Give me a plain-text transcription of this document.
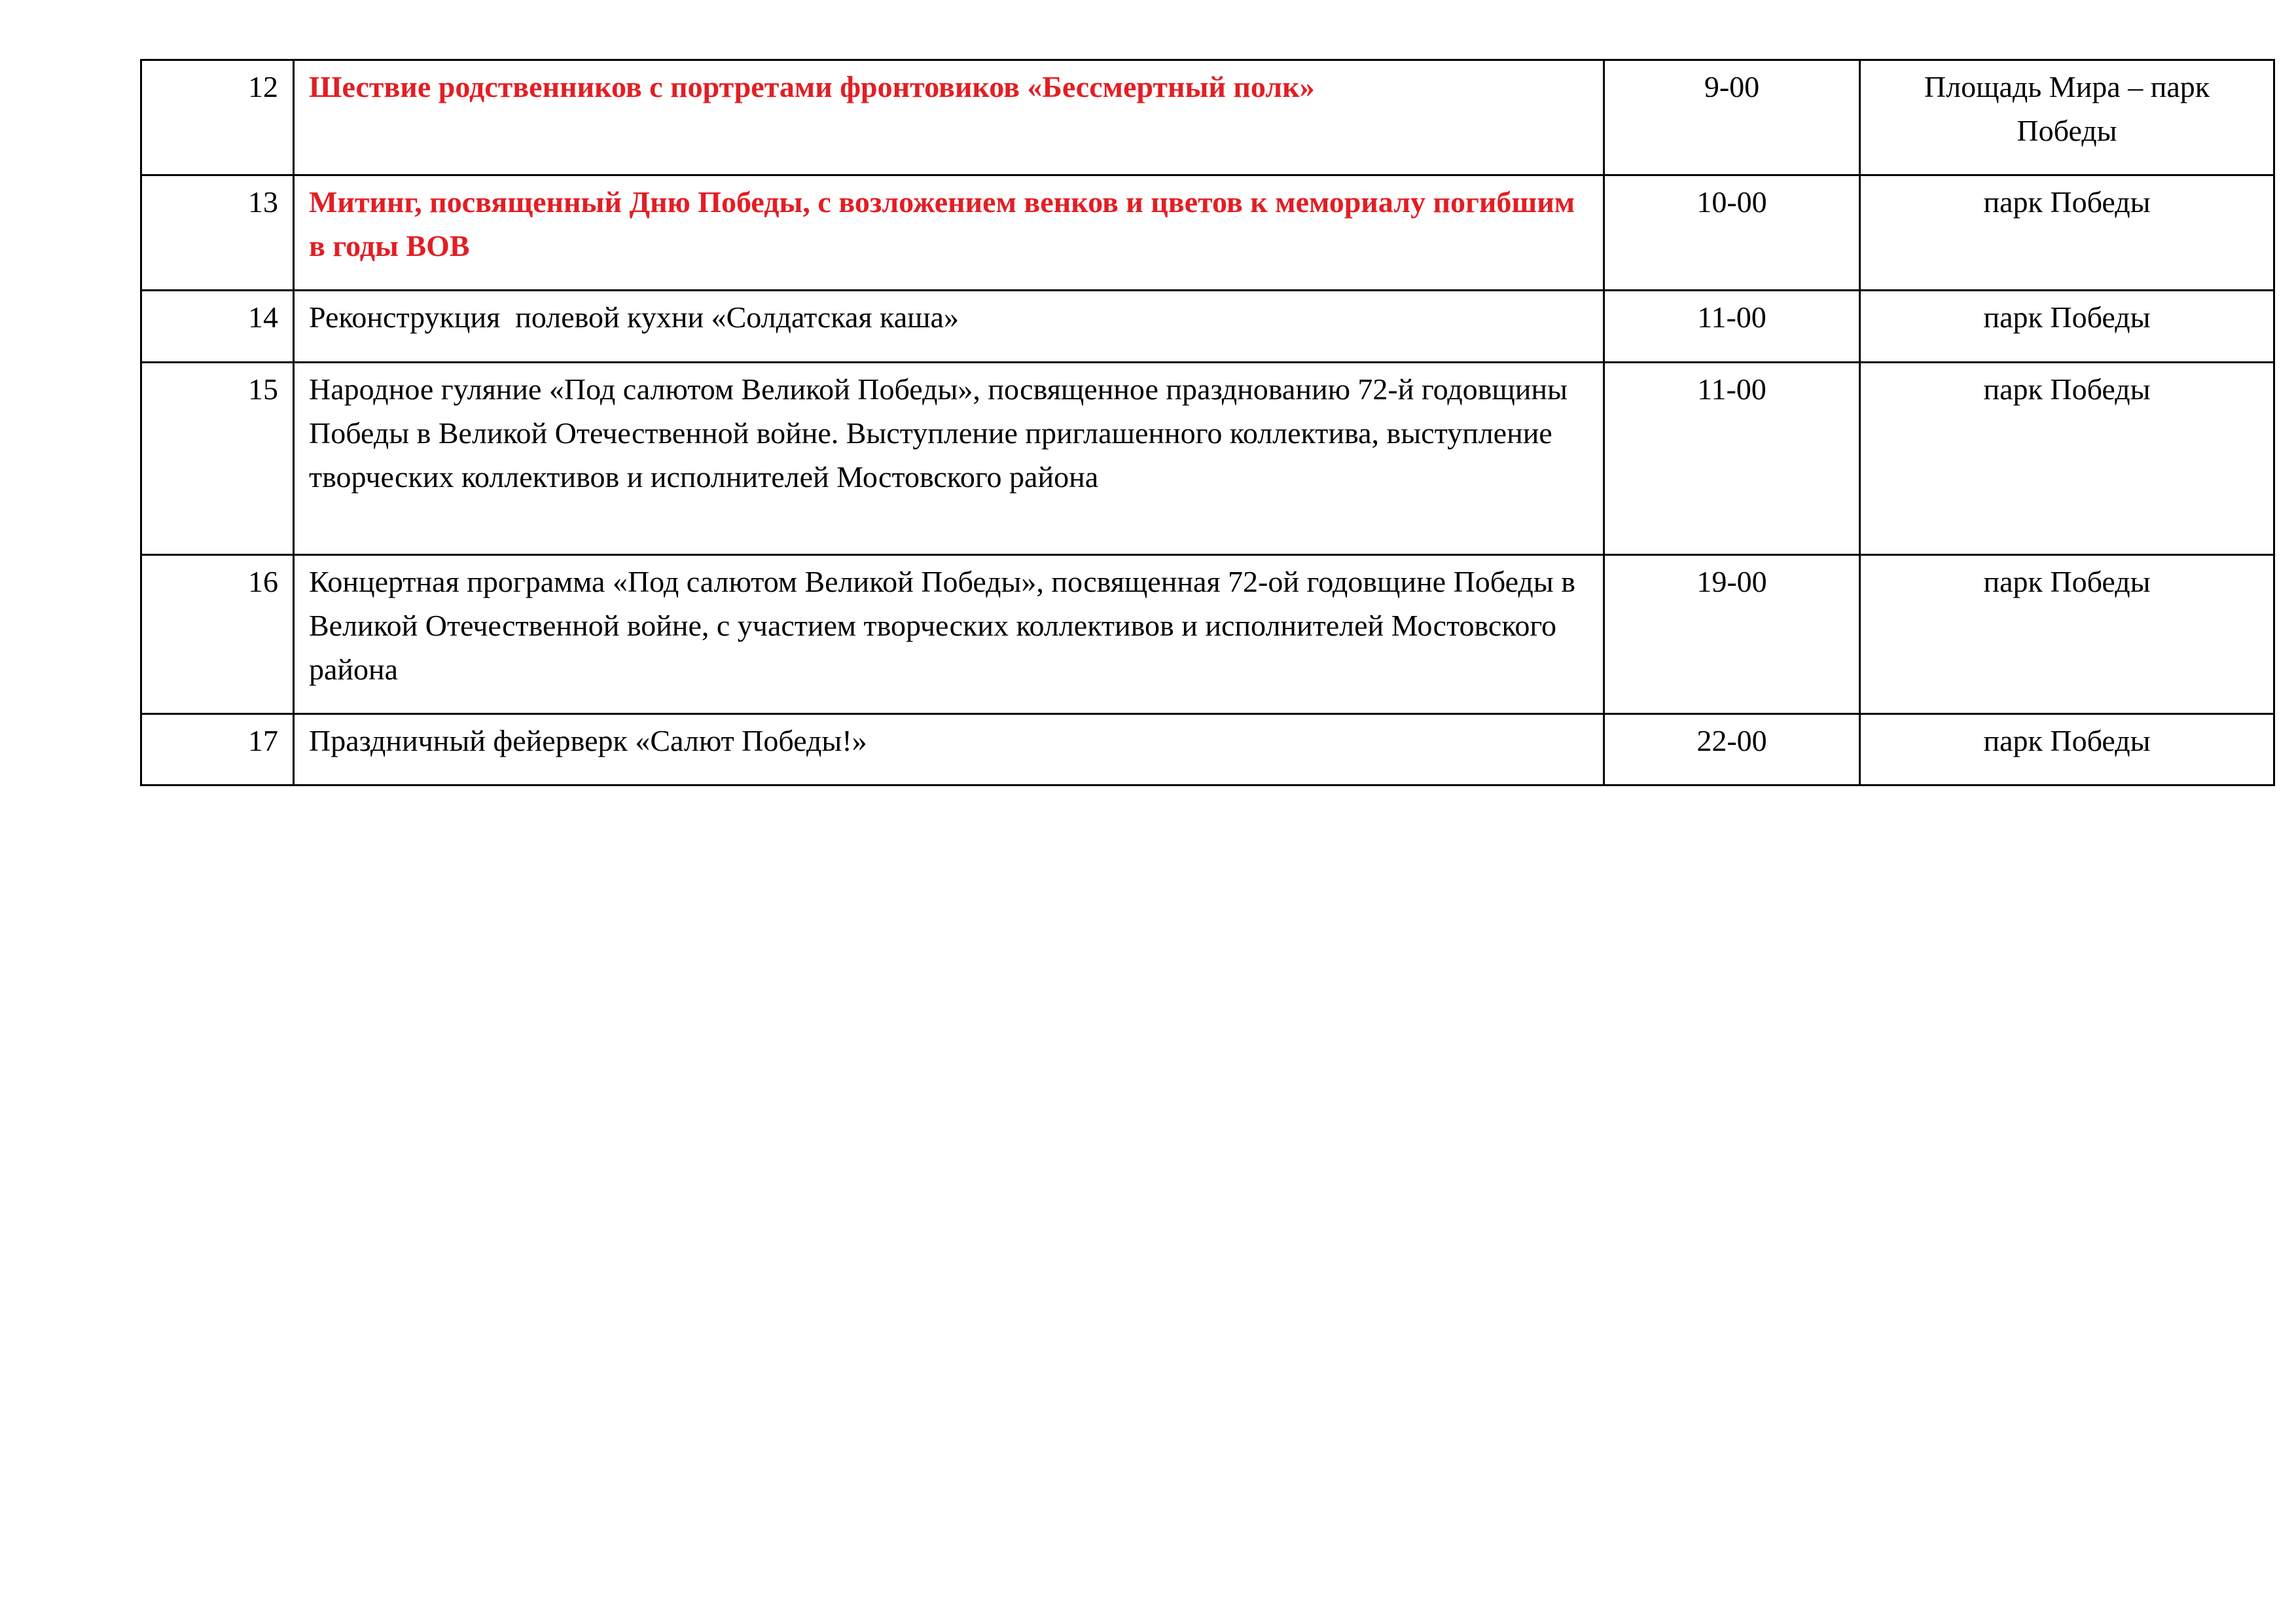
12	Шествие родственников с портретами фронтовиков «Бессмертный полк»	9-00	Площадь Мира – парк Победы
13	Митинг, посвященный Дню Победы, с возложением венков и цветов к мемориалу погибшим в годы ВОВ	10-00	парк Победы
14	Реконструкция  полевой кухни «Солдатская каша»	11-00	парк Победы
15	Народное гуляние «Под салютом Великой Победы», посвященное празднованию 72-й годовщины Победы в Великой Отечественной войне. Выступление приглашенного коллектива, выступление творческих коллективов и исполнителей Мостовского района	11-00	парк Победы
16	Концертная программа «Под салютом Великой Победы», посвященная 72-ой годовщине Победы в Великой Отечественной войне, с участием творческих коллективов и исполнителей Мостовского района	19-00	парк Победы
17	Праздничный фейерверк «Салют Победы!»	22-00	парк Победы
